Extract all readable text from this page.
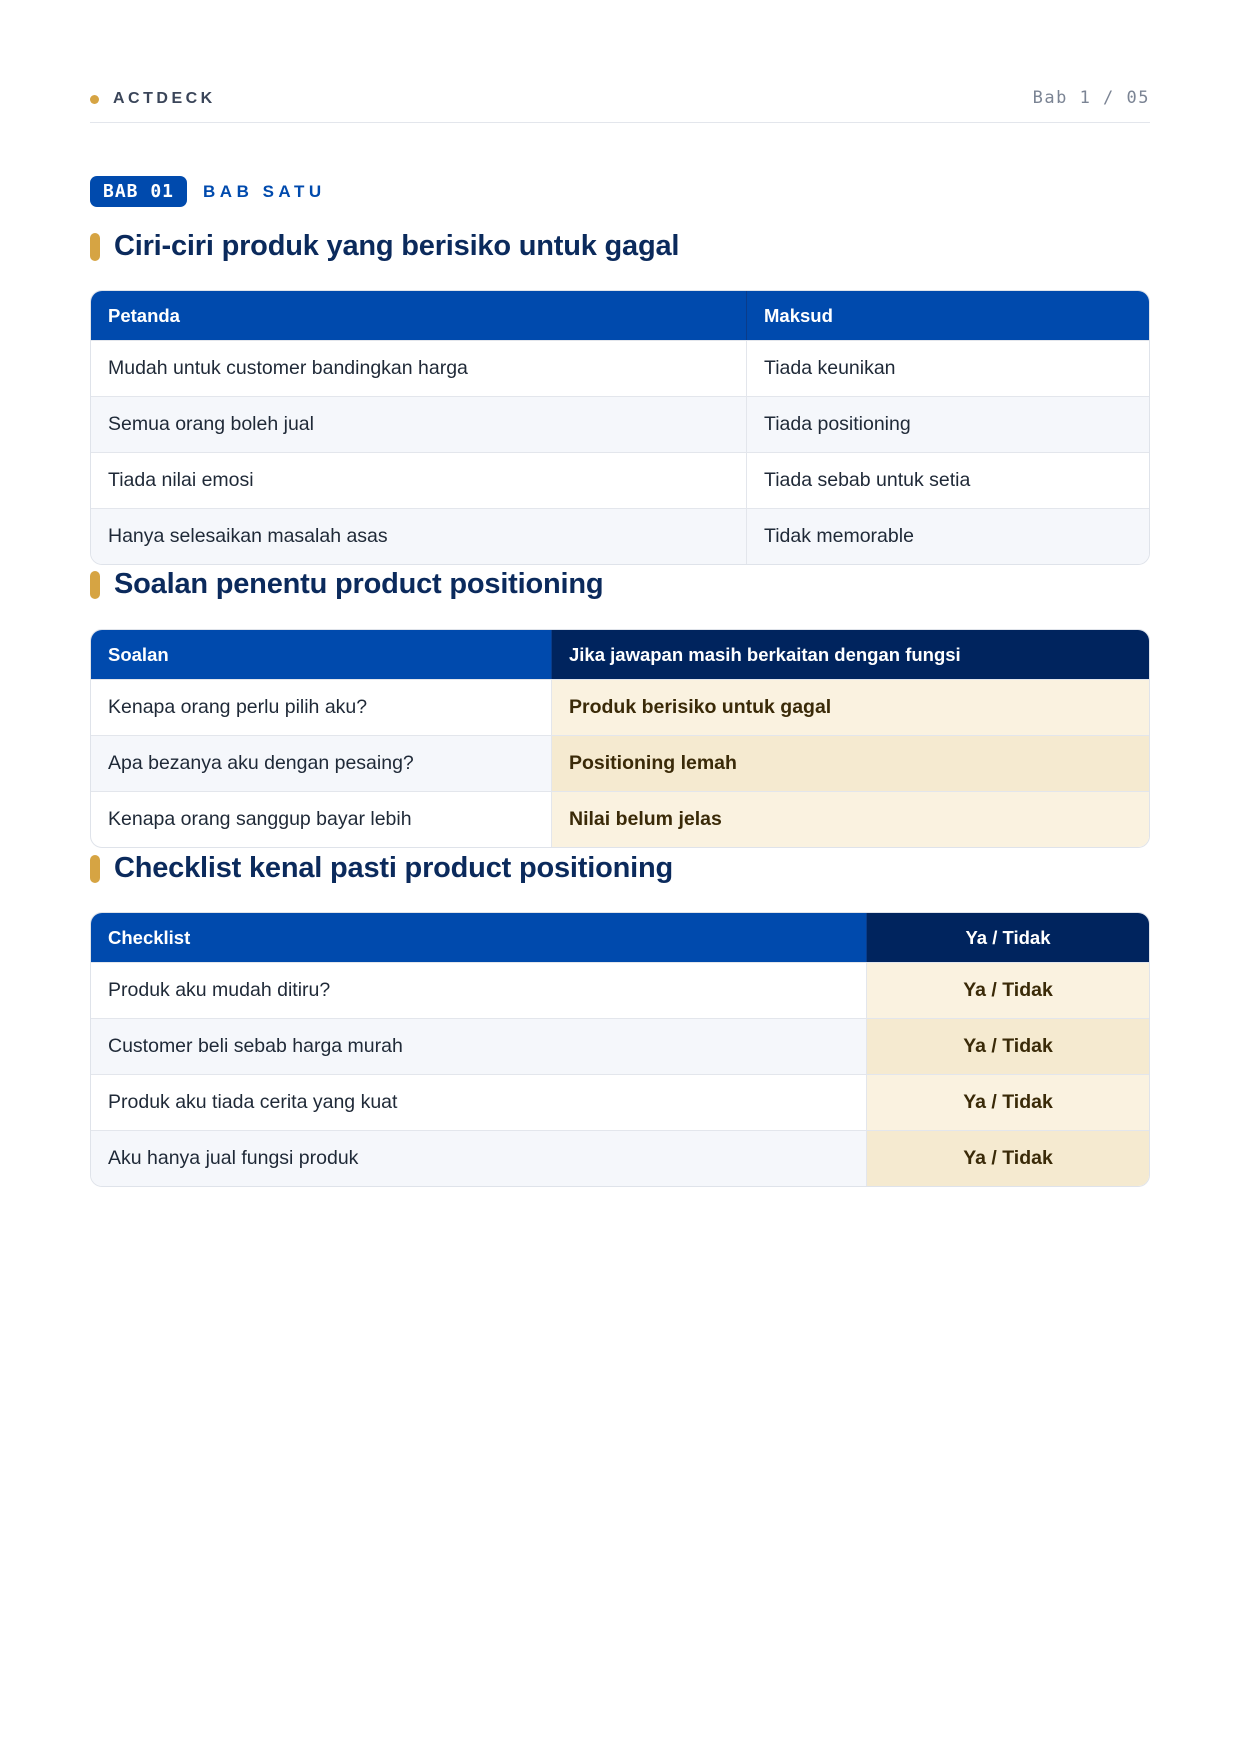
ACTDECK	Bab 1 / 05
BAB 01	BAB SATU
Ciri-ciri produk yang berisiko untuk gagal
Petanda	Maksud
Mudah untuk customer bandingkan harga	Tiada keunikan
Semua orang boleh jual	Tiada positioning
Tiada nilai emosi	Tiada sebab untuk setia
Hanya selesaikan masalah asas	Tidak memorable
Soalan penentu product positioning
Soalan	Jika jawapan masih berkaitan dengan fungsi
Kenapa orang perlu pilih aku?	Produk berisiko untuk gagal
Apa bezanya aku dengan pesaing?	Positioning lemah
Kenapa orang sanggup bayar lebih	Nilai belum jelas
Checklist kenal pasti product positioning
Checklist	Ya / Tidak
Produk aku mudah ditiru?	Ya / Tidak
Customer beli sebab harga murah	Ya / Tidak
Produk aku tiada cerita yang kuat	Ya / Tidak
Aku hanya jual fungsi produk	Ya / Tidak
